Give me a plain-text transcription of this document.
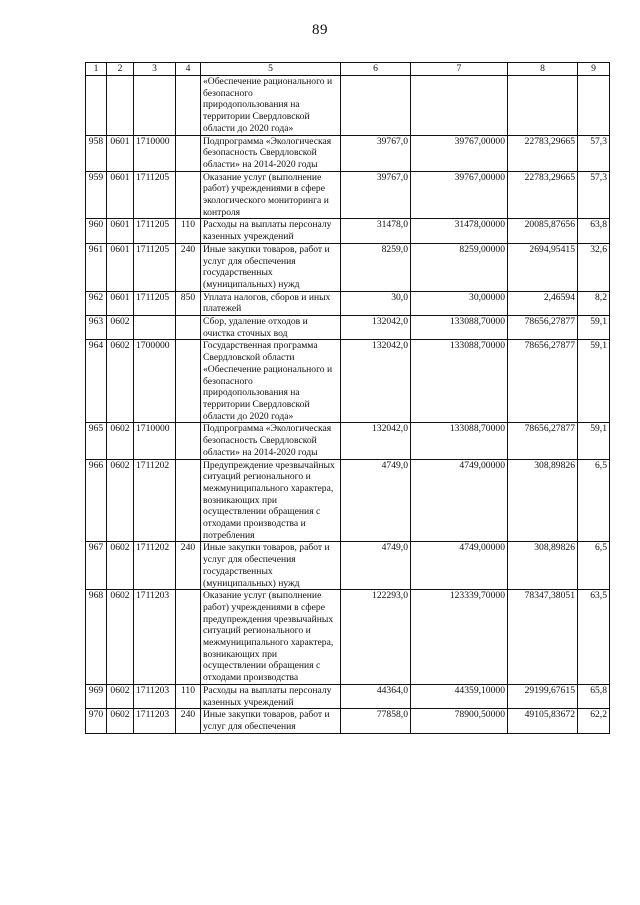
89
1	2	3	4	5	6	7	8	9
				«Обеспечение рационального и безопасного природопользования на территории Свердловской области до 2020 года»				
958	0601	1710000		Подпрограмма «Экологическая безопасность Свердловской области» на 2014-2020 годы	39767,0	39767,00000	22783,29665	57,3
959	0601	1711205		Оказание услуг (выполнение работ) учреждениями в сфере экологического мониторинга и контроля	39767,0	39767,00000	22783,29665	57,3
960	0601	1711205	110	Расходы на выплаты персоналу казенных учреждений	31478,0	31478,00000	20085,87656	63,8
961	0601	1711205	240	Иные закупки товаров, работ и услуг для обеспечения государственных (муниципальных) нужд	8259,0	8259,00000	2694,95415	32,6
962	0601	1711205	850	Уплата налогов, сборов и иных платежей	30,0	30,00000	2,46594	8,2
963	0602			Сбор, удаление отходов и очистка сточных вод	132042,0	133088,70000	78656,27877	59,1
964	0602	1700000		Государственная программа Свердловской области «Обеспечение рационального и безопасного природопользования на территории Свердловской области до 2020 года»	132042,0	133088,70000	78656,27877	59,1
965	0602	1710000		Подпрограмма «Экологическая безопасность Свердловской области» на 2014-2020 годы	132042,0	133088,70000	78656,27877	59,1
966	0602	1711202		Предупреждение чрезвычайных ситуаций регионального и межмуниципального характера, возникающих при осуществлении обращения с отходами производства и потребления	4749,0	4749,00000	308,89826	6,5
967	0602	1711202	240	Иные закупки товаров, работ и услуг для обеспечения государственных (муниципальных) нужд	4749,0	4749,00000	308,89826	6,5
968	0602	1711203		Оказание услуг (выполнение работ) учреждениями в сфере предупреждения чрезвычайных ситуаций регионального и межмуниципального характера, возникающих при осуществлении обращения с отходами производства	122293,0	123339,70000	78347,38051	63,5
969	0602	1711203	110	Расходы на выплаты персоналу казенных учреждений	44364,0	44359,10000	29199,67615	65,8
970	0602	1711203	240	Иные закупки товаров, работ и услуг для обеспечения	77858,0	78900,50000	49105,83672	62,2
